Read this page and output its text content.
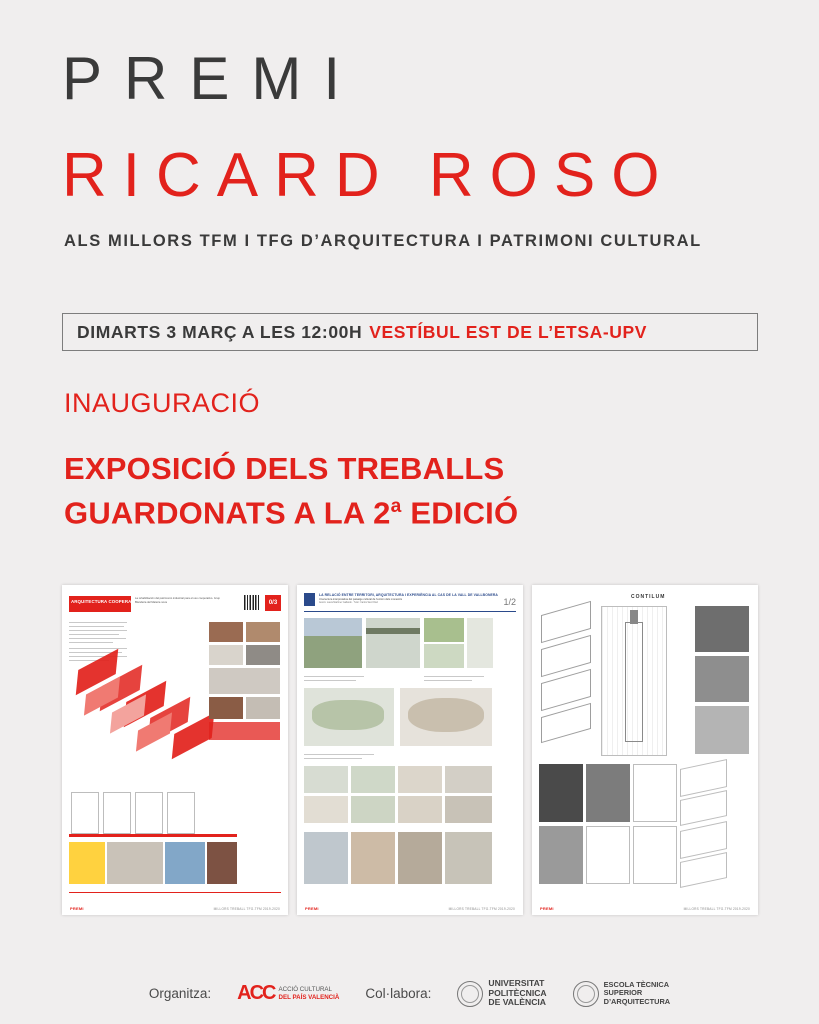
PREMI
RICARD ROSO
ALS MILLORS TFM I TFG D’ARQUITECTURA I PATRIMONI CULTURAL
DIMARTS 3 MARÇ A LES 12:00H VESTÍBUL EST DE L’ETSA-UPV
INAUGURACIÓ
EXPOSICIÓ DELS TREBALLS
GUARDONATS A LA 2$^a$ EDICIÓ
ARQUITECTURA COOPERATIVA
La rehabilitación del patrimonio industrial para el uso cooperativo. Grup Blanderia del Materia nova	0/3
PREMI	MILLORS TREBALL TFG-TFM 2019-2020
LA RELACIÓ ENTRE TERRITORI, ARQUITECTURA I EXPERIÈNCIA AL CAS DE LA VALL DE VALLBONERA
Una lectura interpretativa del paisatge cultural de l’entorn dels monestirs
Autors: Laura Martínez Gallardo · Tutor: Carlos Sanz Diaz	1/2
PREMI	MILLORS TREBALL TFG-TFM 2019-2020
CONTILUM
PREMI	MILLORS TREBALL TFG-TFM 2019-2020
Organitza: ACC ACCIÓ CULTURAL
DEL PAÍS VALENCIÀ Col·labora:
UNIVERSITAT
POLITÈCNICA
DE VALÈNCIA
ESCOLA TÈCNICA
SUPERIOR
D’ARQUITECTURA
